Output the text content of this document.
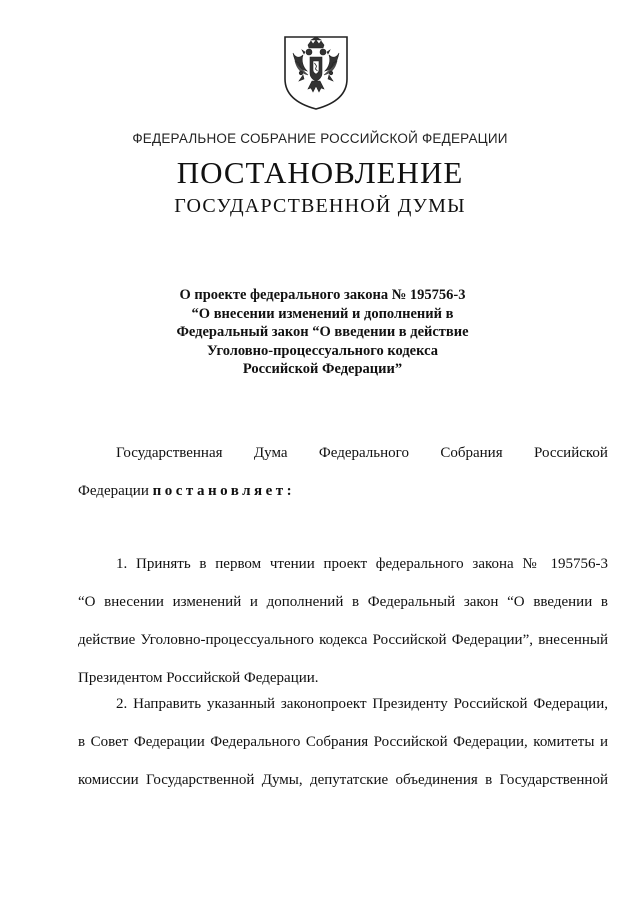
ФЕДЕРАЛЬНОЕ СОБРАНИЕ РОССИЙСКОЙ ФЕДЕРАЦИИ
ПОСТАНОВЛЕНИЕ
ГОСУДАРСТВЕННОЙ ДУМЫ
О проекте федерального закона № 195756-3
“О внесении изменений и дополнений в
Федеральный закон “О введении в действие
Уголовно-процессуального кодекса
Российской Федерации”
Государственная Дума Федерального Собрания Российской
Федерации постановляет:
1. Принять в первом чтении проект федерального закона № 195756-3
“О внесении изменений и дополнений в Федеральный закон “О введении в
действие Уголовно-процессуального кодекса Российской Федерации”, внесенный
Президентом Российской Федерации.
2. Направить указанный законопроект Президенту Российской Федерации,
в Совет Федерации Федерального Собрания Российской Федерации, комитеты и
комиссии Государственной Думы, депутатские объединения в Государственной
